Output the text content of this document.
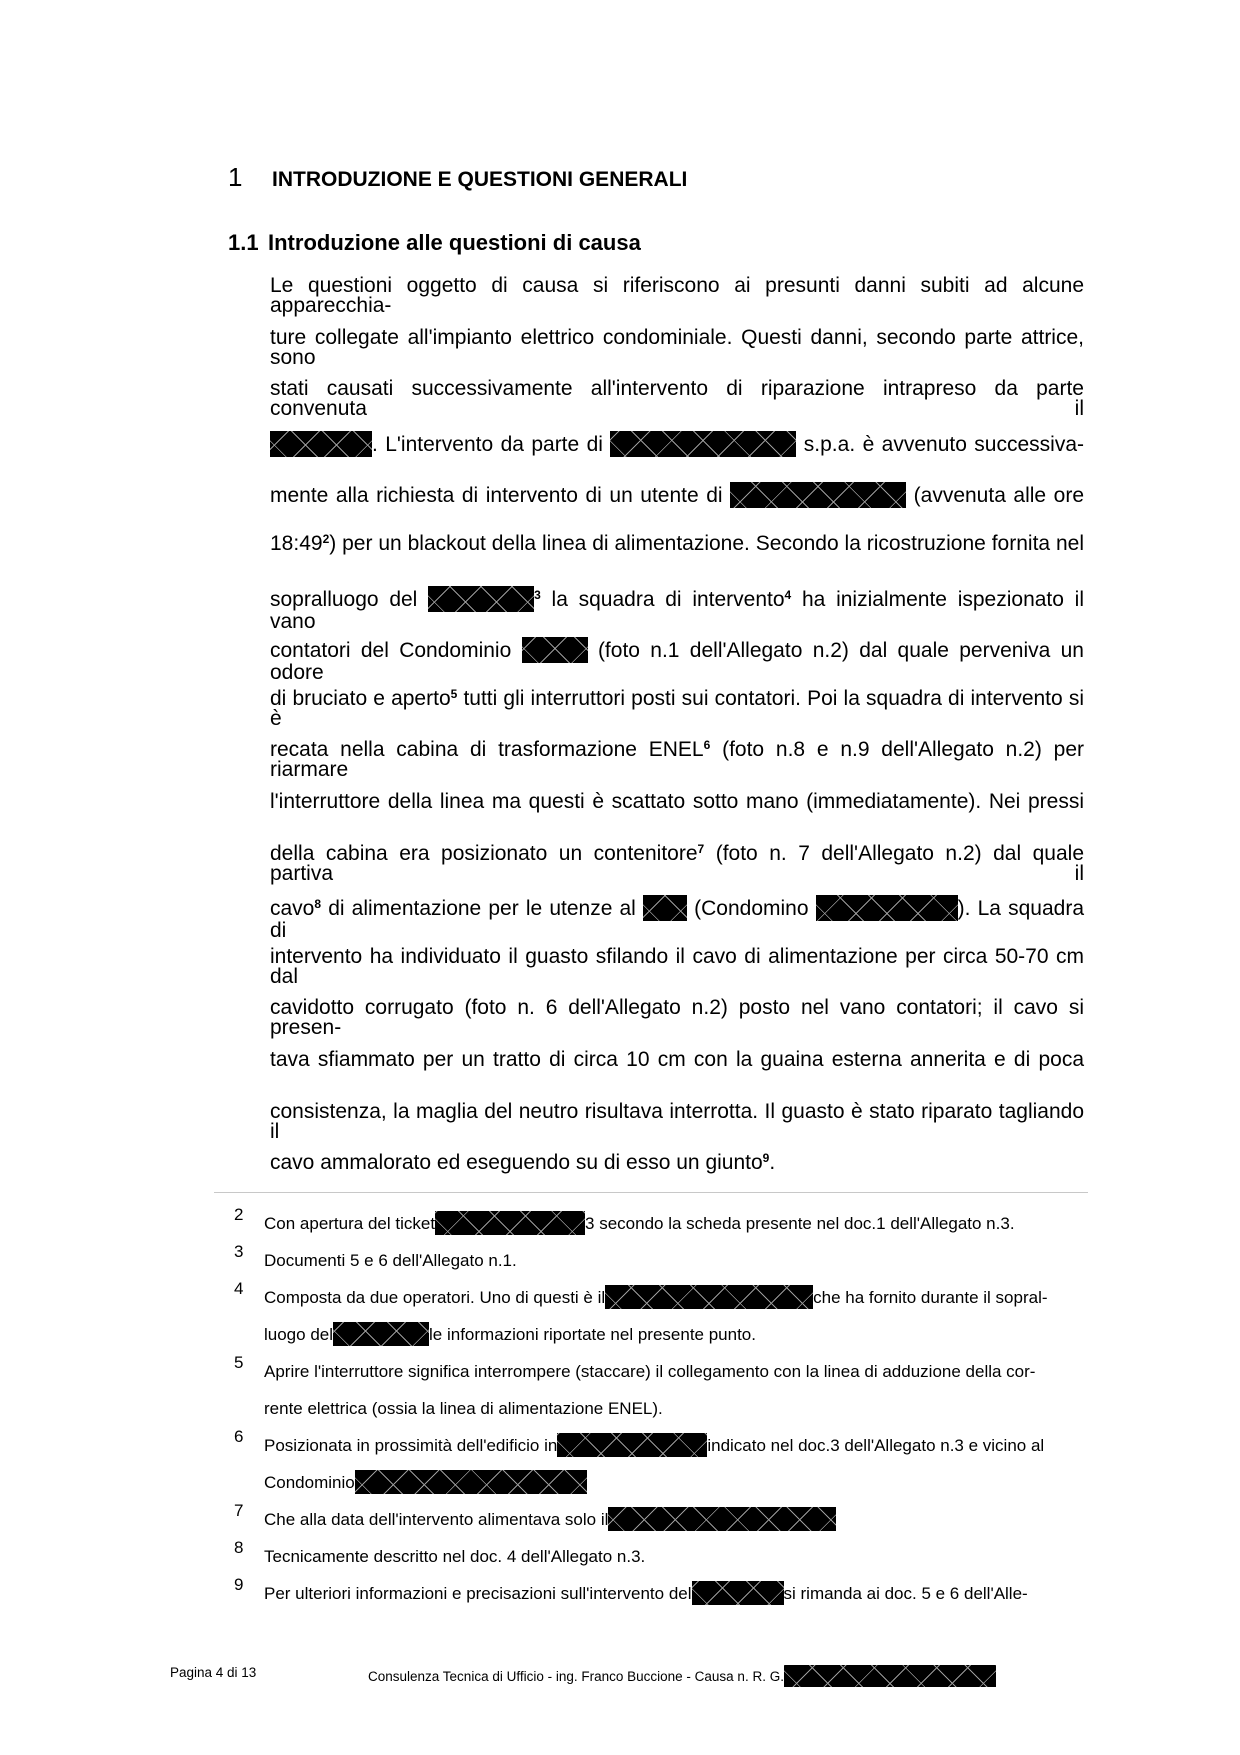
1 INTRODUZIONE E QUESTIONI GENERALI
1.1 Introduzione alle questioni di causa
Le questioni oggetto di causa si riferiscono ai presunti danni subiti ad alcune apparecchia-
ture collegate all'impianto elettrico condominiale. Questi danni, secondo parte attrice, sono
stati causati successivamente all'intervento di riparazione intrapreso da parte convenuta il
. L'intervento da parte di	s.p.a. è avvenuto successiva-
mente alla richiesta di intervento di un utente di	(avvenuta alle ore
$18:49^2$) per un blackout della linea di alimentazione. Secondo la ricostruzione fornita nel
sopralluogo del	$^3$ la squadra di intervento$^4$ ha inizialmente ispezionato il vano
contatori del Condominio	(foto n.1 dell'Allegato n.2) dal quale perveniva un odore
di bruciato e aperto$^5$ tutti gli interruttori posti sui contatori. Poi la squadra di intervento si è
recata nella cabina di trasformazione ENEL$^6$ (foto n.8 e n.9 dell'Allegato n.2) per riarmare
l'interruttore della linea ma questi è scattato sotto mano (immediatamente). Nei pressi
della cabina era posizionato un contenitore$^7$ (foto n. 7 dell'Allegato n.2) dal quale partiva il
cavo$^8$ di alimentazione per le utenze al	(Condomino	). La squadra di
intervento ha individuato il guasto sfilando il cavo di alimentazione per circa 50-70 cm dal
cavidotto corrugato (foto n. 6 dell'Allegato n.2) posto nel vano contatori; il cavo si presen-
tava sfiammato per un tratto di circa 10 cm con la guaina esterna annerita e di poca
consistenza, la maglia del neutro risultava interrotta. Il guasto è stato riparato tagliando il
cavo ammalorato ed eseguendo su di esso un giunto$^9$.
2	Con apertura del ticket	3 secondo la scheda presente nel doc.1 dell'Allegato n.3.
3	Documenti 5 e 6 dell'Allegato n.1.
4	Composta da due operatori. Uno di questi è il	che ha fornito durante il sopral-
luogo del	le informazioni riportate nel presente punto.
5	Aprire l'interruttore significa interrompere (staccare) il collegamento con la linea di adduzione della cor-
rente elettrica (ossia la linea di alimentazione ENEL).
6	Posizionata in prossimità dell'edificio in	indicato nel doc.3 dell'Allegato n.3 e vicino al
Condominio
7	Che alla data dell'intervento alimentava solo il
8	Tecnicamente descritto nel doc. 4 dell'Allegato n.3.
9	Per ulteriori informazioni e precisazioni sull'intervento del	si rimanda ai doc. 5 e 6 dell'Alle-
Pagina 4 di 13	Consulenza Tecnica di Ufficio - ing. Franco Buccione - Causa n. R. G.
